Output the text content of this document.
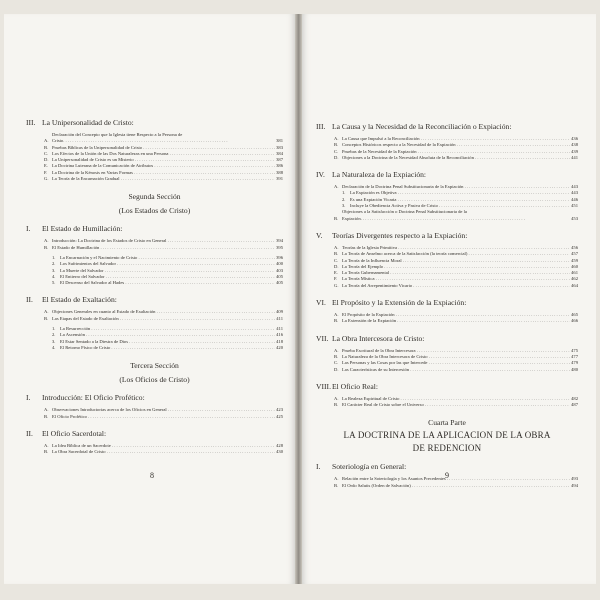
III. La Unipersonalidad de Cristo:
A.
Declaración del Concepto que la Iglesia tiene Respecto a la Persona de
Cristo . . .	381
B. Pruebas Bíblicas de la Unipersonalidad de Cristo . . .	383
C. Los Efectos de la Unión de las Dos Naturalezas en una Persona . . .	384
D. La Unipersonalidad de Cristo es un Misterio . . .	387
E. La Doctrina Luterana de la Comunicación de Atributos . . .	386
F.	La Doctrina de la Kénosis en Varias Formas . . .	388
G. La Teoría de la Encarnación Gradual . . .	391
Segunda Sección
(Los Estados de Cristo)
I.	El Estado de Humillación:
A. Introducción: La Doctrina de los Estados de Cristo en General . . .	394
B. El Estado de Humillación . . .	395
1. La Encarnación y el Nacimiento de Cristo . . .	396
2. Los Sufrimientos del Salvador . . .	400
3. La Muerte del Salvador . . .	403
4. El Entierro del Salvador . . .	405
5. El Descenso del Salvador al Hades . . .	405
II.	El Estado de Exaltación:
A. Objeciones Generales en cuanto al Estado de Exaltación . . .	409
B. Las Etapas del Estado de Exaltación . . .	411
1. La Resurrección . . .	411
2. La Ascensión . . .	416
3. El Estar Sentado a la Diestra de Dios . . .	418
4. El Retorno Físico de Cristo . . .	420
Tercera Sección
(Los Oficios de Cristo)
I.	Introducción: El Oficio Profético:
A. Observaciones Introductorias acerca de los Oficios en General . . .	423
B. El Oficio Profético . . .	425
II.	El Oficio Sacerdotal:
A. La Idea Bíblica de un Sacerdote . . .	428
B. La Obra Sacerdotal de Cristo . . .	430
8
III. La Causa y la Necesidad de la Reconciliación o Expiación:
A. La Causa que Impulsó a la Reconciliación . . .	436
B. Conceptos Históricos respecto a la Necesidad de la Expiación . . .	438
C. Pruebas de la Necesidad de la Expiación . . .	439
D. Objeciones a la Doctrina de la Necesidad Absoluta de la Reconciliación . . .	441
IV. La Naturaleza de la Expiación:
A. Declaración de la Doctrina Penal Substitucionaria de la Expiación . . .	443
1. La Expiación es Objetiva . . .	443
2. Es una Expiación Vicaria . . .	446
3. Incluye la Obediencia Activa y Pasiva de Cristo . . .	451
B.
Objeciones a la Satisfacción o Doctrina Penal Substitucionaria de la
Expiación . . .	453
V.	Teorías Divergentes respecto a la Expiación:
A. Teorías de la Iglesia Primitiva . . .	456
B. La Teoría de Anselmo acerca de la Satisfacción (la teoría comercial) . . .	457
C. La Teoría de la Influencia Moral . . .	459
D. La Teoría del Ejemplo . . .	460
E. La Teoría Gubernamental . . .	461
F.	La Teoría Mística . . .	462
G. La Teoría del Arrepentimiento Vicario . . .	464
VI. El Propósito y la Extensión de la Expiación:
A. El Propósito de la Expiación . . .	465
B. La Extensión de la Expiación . . .	466
VII. La Obra Intercesora de Cristo:
A. Prueba Escritural de la Obra Intercesora . . .	475
B. La Naturaleza de la Obra Intercesora de Cristo . . .	477
C. Las Personas y las Cosas por las que Intercede . . .	479
D. Las Características de su Intercesión . . .	480
VIII. El Oficio Real:
A. La Realeza Espiritual de Cristo . . .	482
B. El Carácter Real de Cristo sobre el Universo . . .	487
Cuarta Parte
LA DOCTRINA DE LA APLICACION DE LA OBRA
DE REDENCION
I.	Soteriología en General:
A. Relación entre la Soteriología y los Asuntos Precedentes . . .	493
B. El Ordo Salutis (Orden de Salvación) . . .	494
9
